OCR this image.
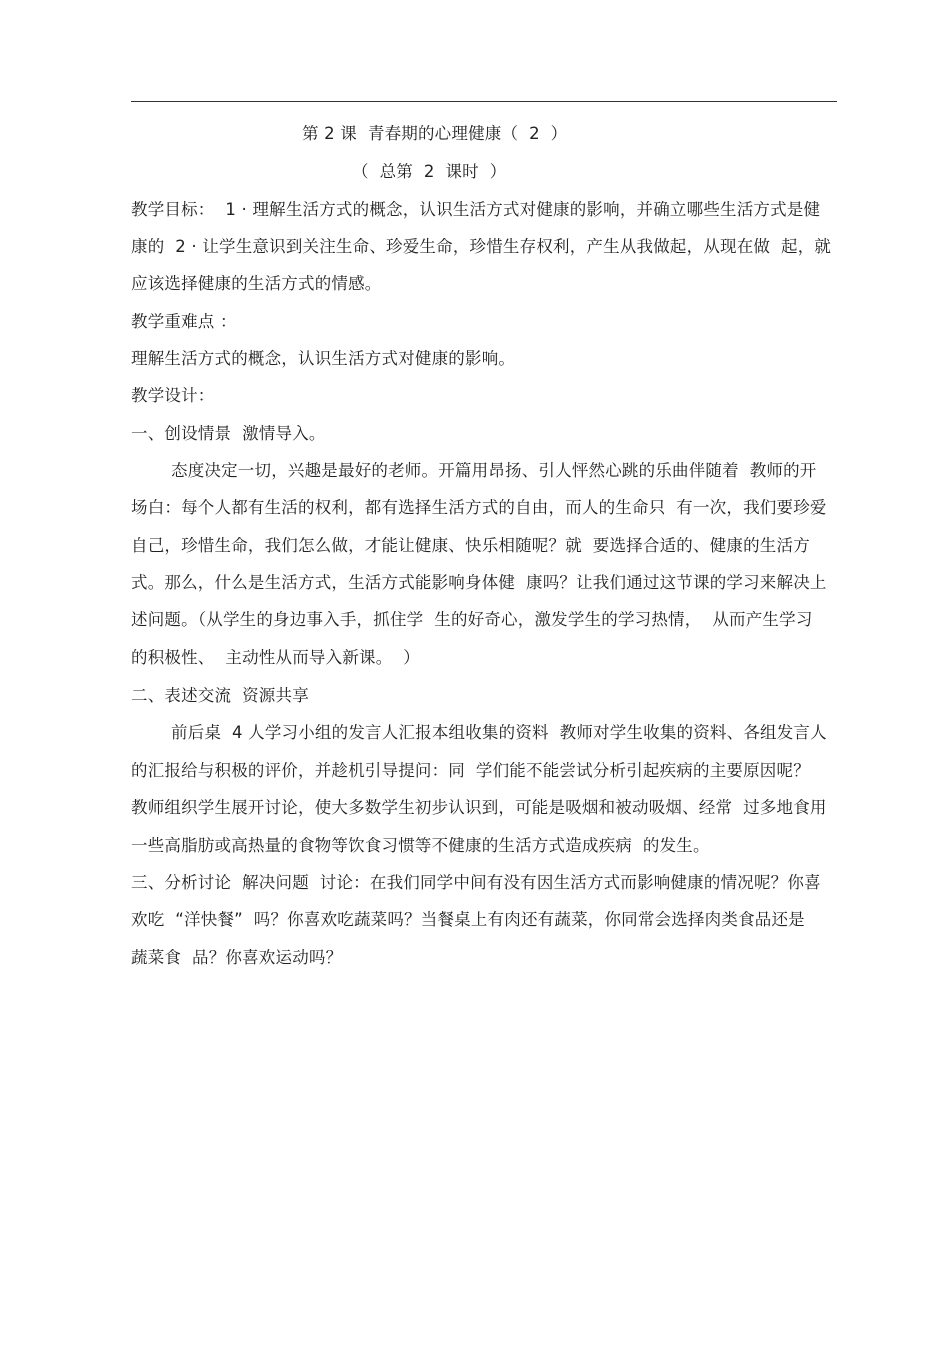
第 2 课  青春期的心理健康（  2  ）
（  总第  2  课时  ）
教学目标：  1 · 理解生活方式的概念，认识生活方式对健康的影响，并确立哪些生活方式是健
康的  2 · 让学生意识到关注生命、珍爱生命，珍惜生存权利，产生从我做起，从现在做  起，就
应该选择健康的生活方式的情感。
教学重难点 ：
理解生活方式的概念，认识生活方式对健康的影响。
教学设计：
一、创设情景  激情导入。
态度决定一切，兴趣是最好的老师。开篇用昂扬、引人怦然心跳的乐曲伴随着  教师的开
场白：每个人都有生活的权利，都有选择生活方式的自由，而人的生命只  有一次，我们要珍爱
自己，珍惜生命，我们怎么做，才能让健康、快乐相随呢？就  要选择合适的、健康的生活方
式。那么，什么是生活方式，生活方式能影响身体健  康吗？让我们通过这节课的学习来解决上
述问题。（从学生的身边事入手，抓住学  生的好奇心，激发学生的学习热情，  从而产生学习
的积极性、  主动性从而导入新课。  ）
二、表述交流  资源共享
前后桌  4 人学习小组的发言人汇报本组收集的资料  教师对学生收集的资料、各组发言人
的汇报给与积极的评价，并趁机引导提问：同  学们能不能尝试分析引起疾病的主要原因呢？
教师组织学生展开讨论，使大多数学生初步认识到，可能是吸烟和被动吸烟、经常  过多地食用
一些高脂肪或高热量的食物等饮食习惯等不健康的生活方式造成疾病  的发生。
三、分析讨论  解决问题  讨论：在我们同学中间有没有因生活方式而影响健康的情况呢？你喜
欢吃  “洋快餐”  吗？你喜欢吃蔬菜吗？当餐桌上有肉还有蔬菜，你同常会选择肉类食品还是
蔬菜食  品？你喜欢运动吗？
